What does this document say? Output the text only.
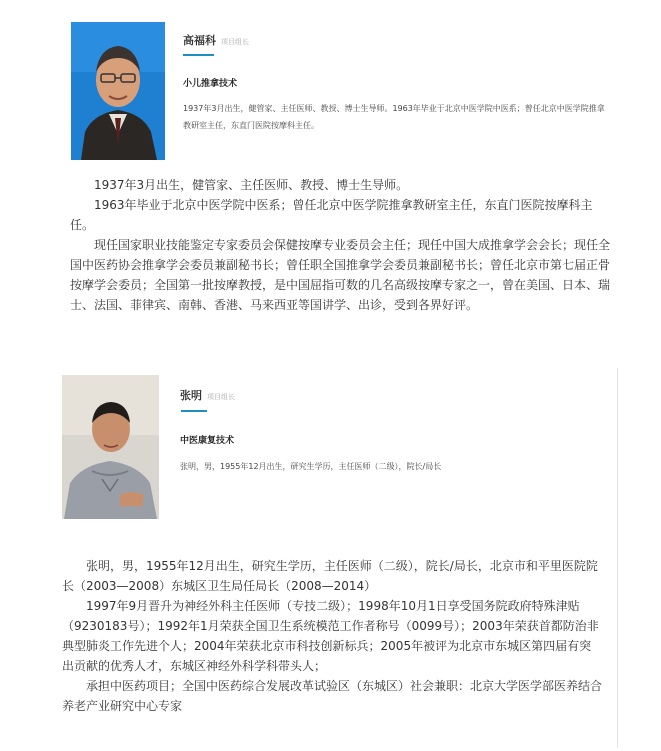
高福科 项目组长
小儿推拿技术
1937年3月出生，健管家、主任医师、教授、博士生导师。1963年毕业于北京中医学院中医系；曾任北京中医学院推拿教研室主任，东直门医院按摩科主任。

1937年3月出生，健管家、主任医师、教授、博士生导师。

1963年毕业于北京中医学院中医系；曾任北京中医学院推拿教研室主任，东直门医院按摩科主任。

现任国家职业技能鉴定专家委员会保健按摩专业委员会主任；现任中国大成推拿学会会长；现任全国中医药协会推拿学会委员兼副秘书长；曾任职全国推拿学会委员兼副秘书长；曾任北京市第七届正骨按摩学会委员；全国第一批按摩教授，是中国屈指可数的几名高级按摩专家之一，曾在美国、日本、瑞士、法国、菲律宾、南韩、香港、马来西亚等国讲学、出诊，受到各界好评。

张明 项目组长
中医康复技术
张明，男，1955年12月出生，研究生学历，主任医师（二级），院长/局长

张明，男，1955年12月出生，研究生学历，主任医师（二级），院长/局长，北京市和平里医院院长（2003—2008）东城区卫生局任局长（2008—2014）

1997年9月晋升为神经外科主任医师（专技二级）；1998年10月1日享受国务院政府特殊津贴（9230183号）；1992年1月荣获全国卫生系统模范工作者称号（0099号）；2003年荣获首都防治非典型肺炎工作先进个人；2004年荣获北京市科技创新标兵；2005年被评为北京市东城区第四届有突出贡献的优秀人才，东城区神经外科学科带头人；

承担中医药项目；全国中医药综合发展改革试验区（东城区）社会兼职：北京大学医学部医养结合养老产业研究中心专家
